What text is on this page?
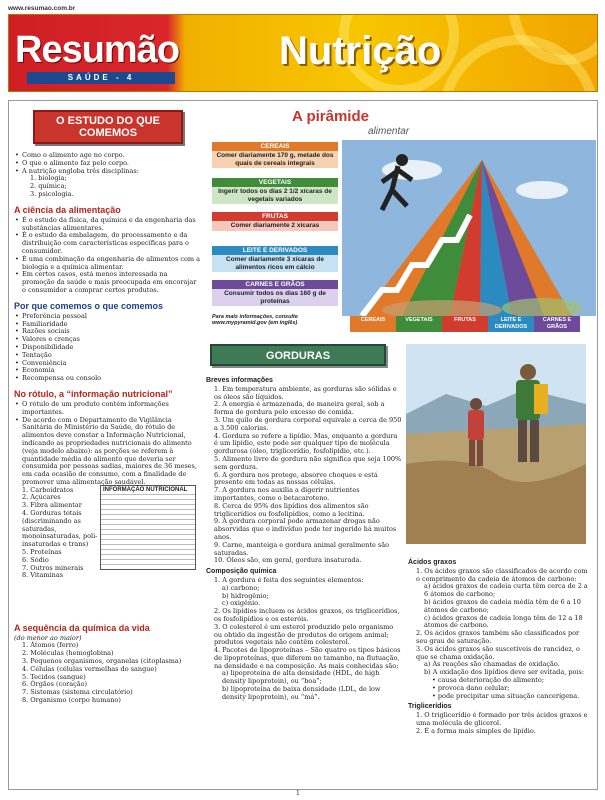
www.resumao.com.br
Resumão
SAÚDE - 4
Nutrição
O ESTUDO DO QUE COMEMOS
• Como o alimento age no corpo.
• O que o alimento faz pelo corpo.
• A nutrição engloba três disciplinas:
1. biologia;
2. química;
3. psicologia.
A ciência da alimentação
• É o estudo da física, da química e da engenharia das substâncias alimentares.
• É o estudo da embalagem, do processamento e da distribuição com características específicas para o consumidor.
• É uma combinação da engenharia de alimentos com a biologia e a química alimentar.
• Em certos casos, está menos interessada na promoção da saúde e mais preocupada em encorajar o consumidor a comprar certos produtos.
Por que comemos o que comemos
• Preferência pessoal
• Familiaridade
• Razões sociais
• Valores e crenças
• Disponibilidade
• Tentação
• Conveniência
• Economia
• Recompensa ou consolo
No rótulo, a “informação nutricional”
• O rótulo de um produto contém informações importantes.
• De acordo com o Departamento de Vigilância Sanitária do Ministério da Saúde, do rótulo de alimentos deve constar a Informação Nutricional, indicando as propriedades nutricionais do alimento (veja modelo abaixo): as porções se referem à quantidade média do alimento que deveria ser consumida por pessoas sadias, maiores de 36 meses, em cada ocasião de consumo, com a finalidade de promover uma alimentação saudável.
1. Carboidratos
2. Açúcares
3. Fibra alimentar
4. Gorduras totais (discriminando as saturadas, monoinsaturadas, poli-insaturadas e trans)
5. Proteínas
6. Sódio
7. Outros minerais
8. Vitaminas
INFORMAÇÃO NUTRICIONAL
A sequência da química da vida
(do menor ao maior)
1. Átomos (ferro)
2. Moléculas (hemoglobina)
3. Pequenos organismos, organelas (citoplasma)
4. Células (células vermelhas do sangue)
5. Tecidos (sangue)
6. Órgãos (coração)
7. Sistemas (sistema circulatório)
8. Organismo (corpo humano)
A pirâmide
alimentar
CEREAIS
Comer diariamente 170 g, metade dos quais de cereais integrais
VEGETAIS
Ingerir todos os dias 2 1/2 xícaras de vegetais variados
FRUTAS
Comer diariamente 2 xícaras
LEITE E DERIVADOS
Comer diariamente 3 xícaras de alimentos ricos em cálcio
CARNES E GRÃOS
Consumir todos os dias 160 g de proteínas
Para mais informações, consulte www.mypyramid.gov (em inglês)	CEREAIS	VEGETAIS	FRUTAS	LEITE E DERIVADOS
CARNES E GRÃOS
GORDURAS
Breves informações
1. Em temperatura ambiente, as gorduras são sólidas e os óleos são líquidos.
2. A energia é armazenada, de maneira geral, sob a forma de gordura pelo excesso de comida.
3. Um quilo de gordura corporal equivale a cerca de 950 a 3.500 calorias.
4. Gordura se refere a lipídio. Mas, enquanto a gordura é um lipídio, este pode ser qualquer tipo de molécula gordurosa (óleo, triglicerídio, fosfolipídio, etc.).
5. Alimento livre de gordura não significa que seja 100% sem gordura.
6. A gordura nos protege, absorve choques e está presente em todas as nossas células.
7. A gordura nos auxilia a digerir nutrientes importantes, como o betacaroteno.
8. Cerca de 95% dos lipídios dos alimentos são triglicerídios ou fosfolipídios, como a lecitina.
9. A gordura corporal pode armazenar drogas não absorvidas que o indivíduo pode ter ingerido há muitos anos.
9. Carne, manteiga e gordura animal geralmente são saturadas.
10. Óleos são, em geral, gordura insaturada.
Composição química
1. A gordura é feita dos seguintes elementos:
a) carbono;
b) hidrogênio;
c) oxigênio.
2. Os lipídios incluem os ácidos graxos, os triglicerídios, os fosfolipídios e os esteróis.
3. O colesterol é um esterol produzido pelo organismo ou obtido da ingestão de produtos de origem animal; produtos vegetais não contêm colesterol.
4. Pacotes de lipoproteínas – São quatro os tipos básicos de lipoproteínas, que diferem no tamanho, na flutuação, na densidade e na composição. As mais conhecidas são:
a) lipoproteína de alta densidade (HDL, de high density lipoprotein), ou “boa”;
b) lipoproteína de baixa densidade (LDL, de low density lipoprotein), ou “má”.
Ácidos graxos
1. Os ácidos graxos são classificados de acordo com o comprimento da cadeia de átomos de carbono:
a) ácidos graxos de cadeia curta têm cerca de 2 a 6 átomos de carbono;
b) ácidos graxos de cadeia média têm de 6 a 10 átomos de carbono;
c) ácidos graxos de cadeia longa têm de 12 a 18 átomos de carbono.
2. Os ácidos graxos também são classificados por seu grau de saturação.
3. Os ácidos graxos são suscetíveis de rancidez, o que se chama oxidação.
a) As reações são chamadas de oxidação.
b) A oxidação dos lipídios deve ser evitada, pois:
• causa deterioração do alimento;
• provoca dano celular;
• pode precipitar uma situação cancerígena.
Triglicerídios
1. O triglicerídio é formado por três ácidos graxos e uma molécula de glicerol.
2. É a forma mais simples de lipídio.
1
